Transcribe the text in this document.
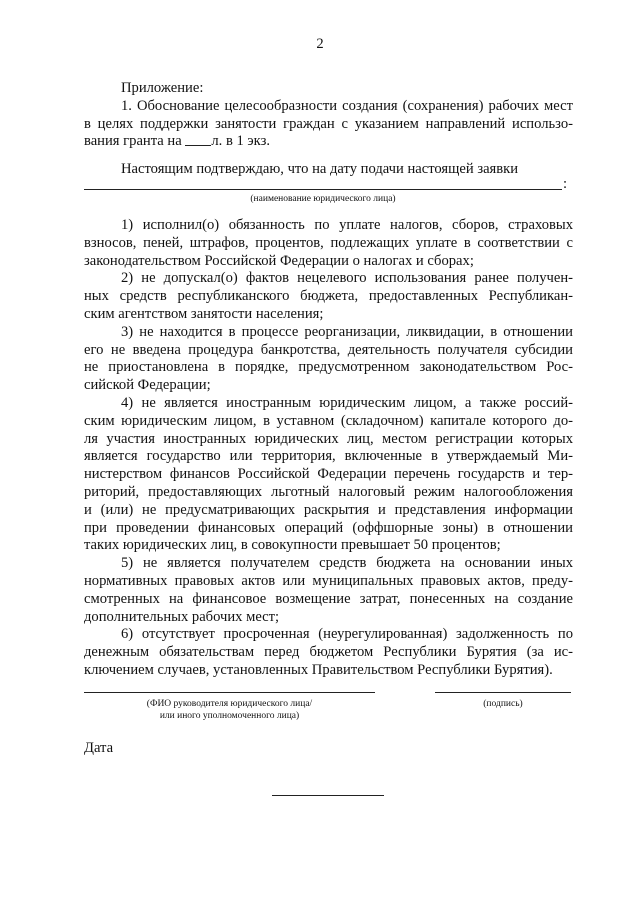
2
Приложение:
1. Обоснование целесообразности создания (сохранения) рабочих мест
в целях поддержки занятости граждан с указанием направлений использо-
вания гранта на л. в 1 экз.
Настоящим подтверждаю, что на дату подачи настоящей заявки
:
(наименование юридического лица)
1) исполнил(о) обязанность по уплате налогов, сборов, страховых
взносов, пеней, штрафов, процентов, подлежащих уплате в соответствии с
законодательством Российской Федерации о налогах и сборах;
2) не допускал(о) фактов нецелевого использования ранее получен-
ных средств республиканского бюджета, предоставленных Республикан-
ским агентством занятости населения;
3) не находится в процессе реорганизации, ликвидации, в отношении
его не введена процедура банкротства, деятельность получателя субсидии
не приостановлена в порядке, предусмотренном законодательством Рос-
сийской Федерации;
4) не является иностранным юридическим лицом, а также россий-
ским юридическим лицом, в уставном (складочном) капитале которого до-
ля участия иностранных юридических лиц, местом регистрации которых
является государство или территория, включенные в утверждаемый Ми-
нистерством финансов Российской Федерации перечень государств и тер-
риторий, предоставляющих льготный налоговый режим налогообложения
и (или) не предусматривающих раскрытия и представления информации
при проведении финансовых операций (оффшорные зоны) в отношении
таких юридических лиц, в совокупности превышает 50 процентов;
5) не является получателем средств бюджета на основании иных
нормативных правовых актов или муниципальных правовых актов, преду-
смотренных на финансовое возмещение затрат, понесенных на создание
дополнительных рабочих мест;
6) отсутствует просроченная (неурегулированная) задолженность по
денежным обязательствам перед бюджетом Республики Бурятия (за ис-
ключением случаев, установленных Правительством Республики Бурятия).
(ФИО руководителя юридического лица/
или иного уполномоченного лица)
(подпись)
Дата
